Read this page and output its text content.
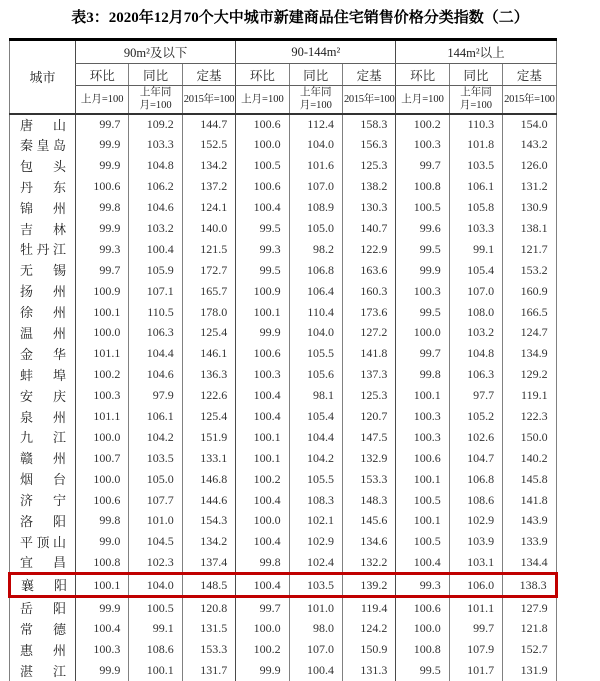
表3：2020年12月70个大中城市新建商品住宅销售价格分类指数（二）
城市	90m²及以下			90-144m²			144m²以上		
	环比	同比	定基	环比	同比	定基	环比	同比	定基
	上月=100	上年同月=100	2015年=100	上月=100	上年同月=100	2015年=100	上月=100	上年同月=100	2015年=100
唐山	99.7	109.2	144.7	100.6	112.4	158.3	100.2	110.3	154.0
秦皇岛	99.9	103.3	152.5	100.0	104.0	156.3	100.3	101.8	143.2
包头	99.9	104.8	134.2	100.5	101.6	125.3	99.7	103.5	126.0
丹东	100.6	106.2	137.2	100.6	107.0	138.2	100.8	106.1	131.2
锦州	99.8	104.6	124.1	100.4	108.9	130.3	100.5	105.8	130.9
吉林	99.9	103.2	140.0	99.5	105.0	140.7	99.6	103.3	138.1
牡丹江	99.3	100.4	121.5	99.3	98.2	122.9	99.5	99.1	121.7
无锡	99.7	105.9	172.7	99.5	106.8	163.6	99.9	105.4	153.2
扬州	100.9	107.1	165.7	100.9	106.4	160.3	100.3	107.0	160.9
徐州	100.1	110.5	178.0	100.1	110.4	173.6	99.5	108.0	166.5
温州	100.0	106.3	125.4	99.9	104.0	127.2	100.0	103.2	124.7
金华	101.1	104.4	146.1	100.6	105.5	141.8	99.7	104.8	134.9
蚌埠	100.2	104.6	136.3	100.3	105.6	137.3	99.8	106.3	129.2
安庆	100.3	97.9	122.6	100.4	98.1	125.3	100.1	97.7	119.1
泉州	101.1	106.1	125.4	100.4	105.4	120.7	100.3	105.2	122.3
九江	100.0	104.2	151.9	100.1	104.4	147.5	100.3	102.6	150.0
赣州	100.7	103.5	133.1	100.1	104.2	132.9	100.6	104.7	140.2
烟台	100.0	105.0	146.8	100.2	105.5	153.3	100.1	106.8	145.8
济宁	100.6	107.7	144.6	100.4	108.3	148.3	100.5	108.6	141.8
洛阳	99.8	101.0	154.3	100.0	102.1	145.6	100.1	102.9	143.9
平顶山	99.0	104.5	134.2	100.4	102.9	134.6	100.5	103.9	133.9
宜昌	100.8	102.3	137.4	99.8	102.4	132.2	100.4	103.1	134.4
襄阳	100.1	104.0	148.5	100.4	103.5	139.2	99.3	106.0	138.3
岳阳	99.9	100.5	120.8	99.7	101.0	119.4	100.6	101.1	127.9
常德	100.4	99.1	131.5	100.0	98.0	124.2	100.0	99.7	121.8
惠州	100.3	108.6	153.3	100.2	107.0	150.9	100.8	107.9	152.7
湛江	99.9	100.1	131.7	99.9	100.4	131.3	99.5	101.7	131.9
